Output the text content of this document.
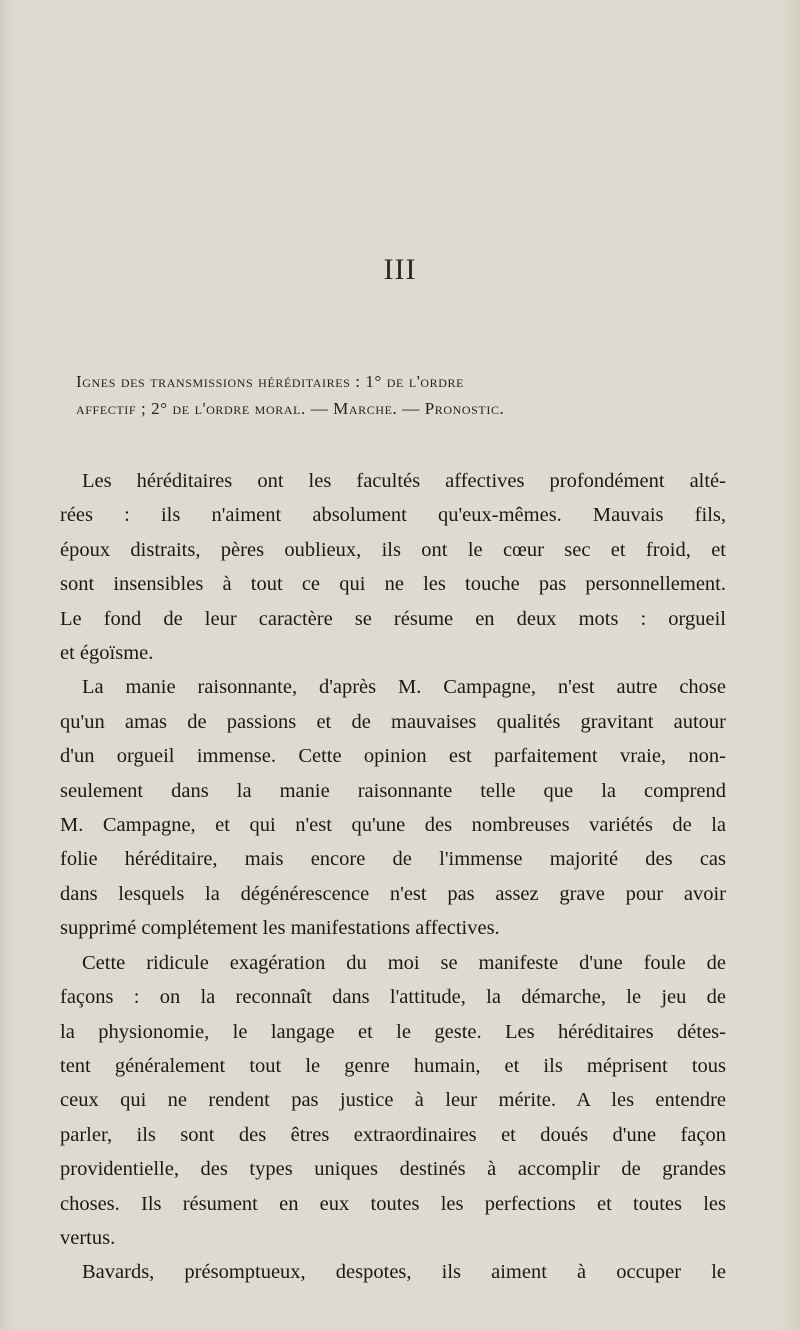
III
Ignes des transmissions héréditaires : 1° de l'ordre
affectif ; 2° de l'ordre moral. — Marche. — Pronostic.
Les héréditaires ont les facultés affectives profondément alté-
rées : ils n'aiment absolument qu'eux-mêmes. Mauvais fils,
époux distraits, pères oublieux, ils ont le cœur sec et froid, et
sont insensibles à tout ce qui ne les touche pas personnellement.
Le fond de leur caractère se résume en deux mots : orgueil
et égoïsme.
La manie raisonnante, d'après M. Campagne, n'est autre chose
qu'un amas de passions et de mauvaises qualités gravitant autour
d'un orgueil immense. Cette opinion est parfaitement vraie, non-
seulement dans la manie raisonnante telle que la comprend
M. Campagne, et qui n'est qu'une des nombreuses variétés de la
folie héréditaire, mais encore de l'immense majorité des cas
dans lesquels la dégénérescence n'est pas assez grave pour avoir
supprimé complétement les manifestations affectives.
Cette ridicule exagération du moi se manifeste d'une foule de
façons : on la reconnaît dans l'attitude, la démarche, le jeu de
la physionomie, le langage et le geste. Les héréditaires détes-
tent généralement tout le genre humain, et ils méprisent tous
ceux qui ne rendent pas justice à leur mérite. A les entendre
parler, ils sont des êtres extraordinaires et doués d'une façon
providentielle, des types uniques destinés à accomplir de grandes
choses. Ils résument en eux toutes les perfections et toutes les
vertus.
Bavards, présomptueux, despotes, ils aiment à occuper le
